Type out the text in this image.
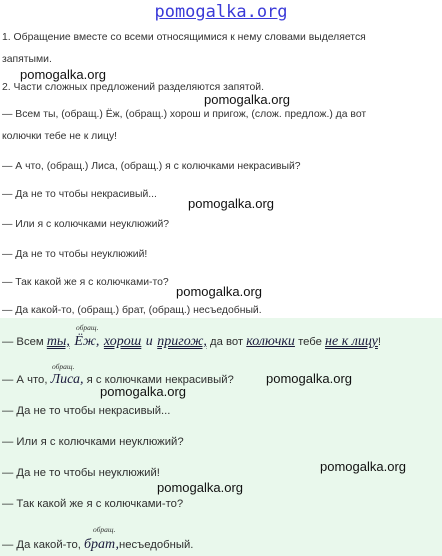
pomogalka.org
1. Обращение вместе со всеми относящимися к нему словами выделяется
запятыми.
pomogalka.org
2. Части сложных предложений разделяются запятой.
pomogalka.org
— Всем ты, (обращ.) Ёж, (обращ.) хорош и пригож, (слож. предлож.) да вот
колючки тебе не к лицу!
— А что, (обращ.) Лиса, (обращ.) я с колючками некрасивый?
— Да не то чтобы некрасивый...
pomogalka.org
— Или я с колючками неуклюжий?
— Да не то чтобы неуклюжий!
— Так какой же я с колючками-то?
pomogalka.org
— Да какой-то, (обращ.) брат, (обращ.) несъедобный.
обращ.
— Всем ты, Ёж, хорош и пригож, да вот колючки тебе не к лицу!
обращ.
— А что, Лиса, я с колючками некрасивый? pomogalka.org
pomogalka.org
— Да не то чтобы некрасивый...
— Или я с колючками неуклюжий?
pomogalka.org
— Да не то чтобы неуклюжий!
pomogalka.org
— Так какой же я с колючками-то?
обращ.
— Да какой-то, брат,несъедобный.
